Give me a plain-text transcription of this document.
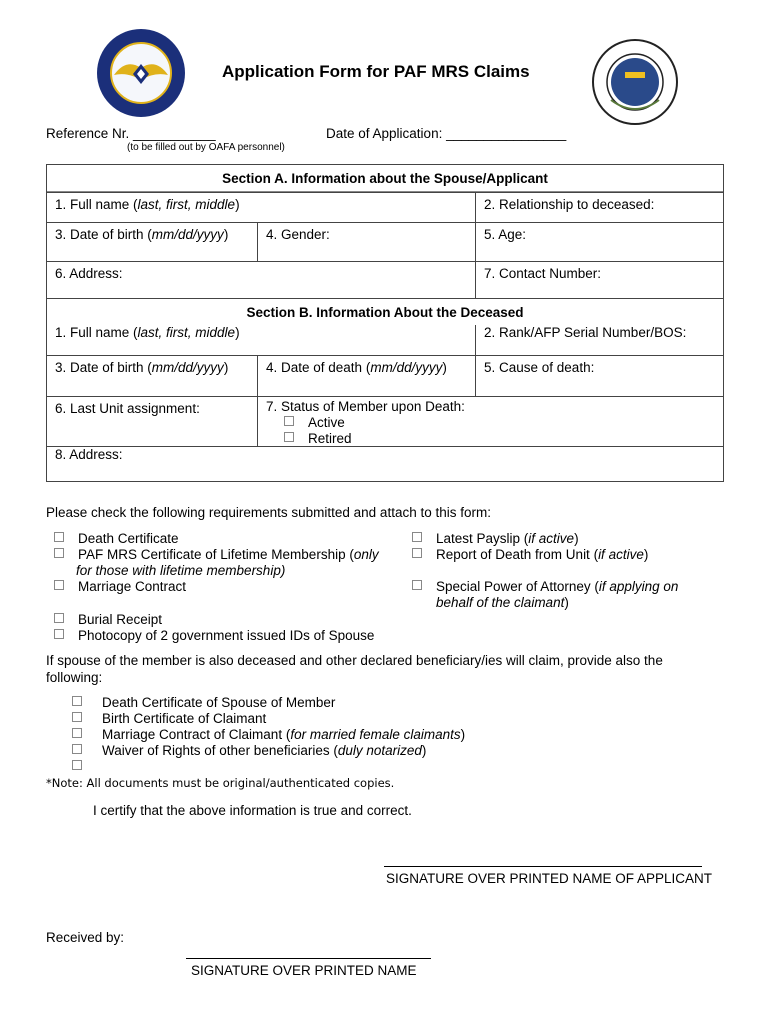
Application Form for PAF MRS Claims
Reference Nr. ___________	Date of Application: ________________
(to be filled out by OAFA personnel)
Section A. Information about the Spouse/Applicant
1. Full name (last, first, middle)	2. Relationship to deceased:
3. Date of birth (mm/dd/yyyy)	4. Gender:	5. Age:
6. Address:	7. Contact Number:
Section B. Information About the Deceased
1. Full name (last, first, middle)	2. Rank/AFP Serial Number/BOS:
3. Date of birth (mm/dd/yyyy)	4. Date of death (mm/dd/yyyy)	5. Cause of death:
6. Last Unit assignment:	7. Status of Member upon Death:
Active
Retired
8. Address:
Please check the following requirements submitted and attach to this form:
Death Certificate
PAF MRS Certificate of Lifetime Membership (only
for those with lifetime membership)
Marriage Contract
Latest Payslip (if active)
Report of Death from Unit (if active)
Special Power of Attorney (if applying on
behalf of the claimant)
Burial Receipt
Photocopy of 2 government issued IDs of Spouse
If spouse of the member is also deceased and other declared beneficiary/ies will claim, provide also the
following:
Death Certificate of Spouse of Member
Birth Certificate of Claimant
Marriage Contract of Claimant (for married female claimants)
Waiver of Rights of other beneficiaries (duly notarized)
*Note: All documents must be original/authenticated copies.
I certify that the above information is true and correct.
SIGNATURE OVER PRINTED NAME OF APPLICANT
Received by:
SIGNATURE OVER PRINTED NAME
